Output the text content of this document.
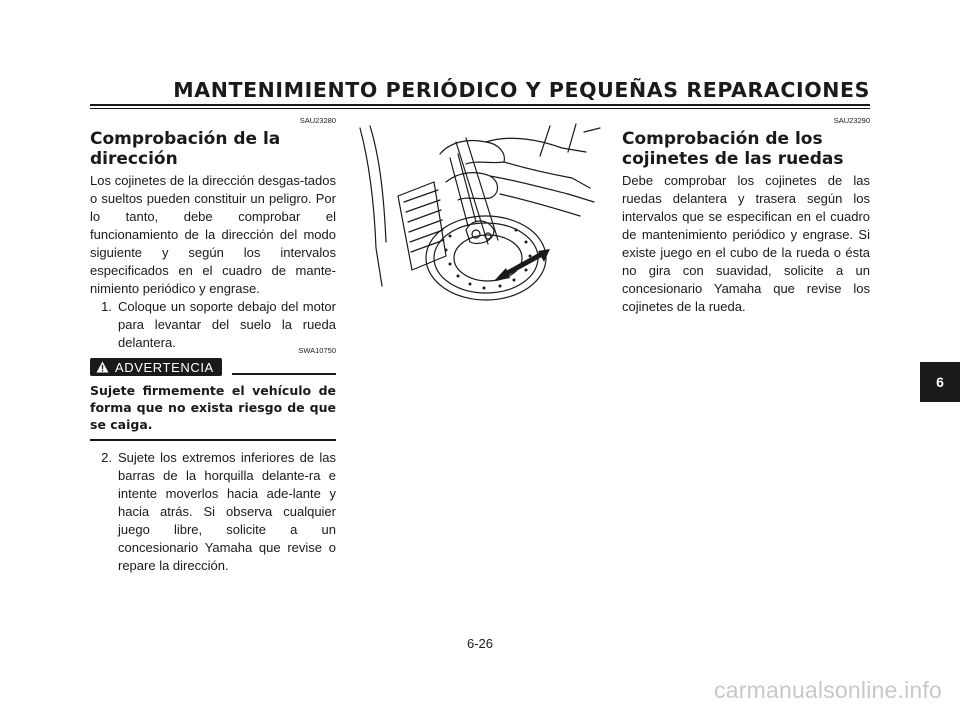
MANTENIMIENTO PERIÓDICO Y PEQUEÑAS REPARACIONES
SAU23280
Comprobación de la
dirección

Los cojinetes de la dirección desgas-tados o sueltos pueden constituir un peligro. Por lo tanto, debe comprobar el funcionamiento de la dirección del modo siguiente y según los intervalos especificados en el cuadro de mante-nimiento periódico y engrase.

1. Coloque un soporte debajo del motor para levantar del suelo la rueda delantera.
SWA10750
ADVERTENCIA
Sujete firmemente el vehículo de forma que no exista riesgo de que se caiga.
2. Sujete los extremos inferiores de las barras de la horquilla delante-ra e intente moverlos hacia ade-lante y hacia atrás. Si observa cualquier juego libre, solicite a un concesionario Yamaha que revise o repare la dirección.
SAU23290
Comprobación de los
cojinetes de las ruedas

Debe comprobar los cojinetes de las ruedas delantera y trasera según los intervalos que se especifican en el cuadro de mantenimiento periódico y engrase. Si existe juego en el cubo de la rueda o ésta no gira con suavidad, solicite a un concesionario Yamaha que revise los cojinetes de la rueda.

6
6-26
carmanualsonline.info
